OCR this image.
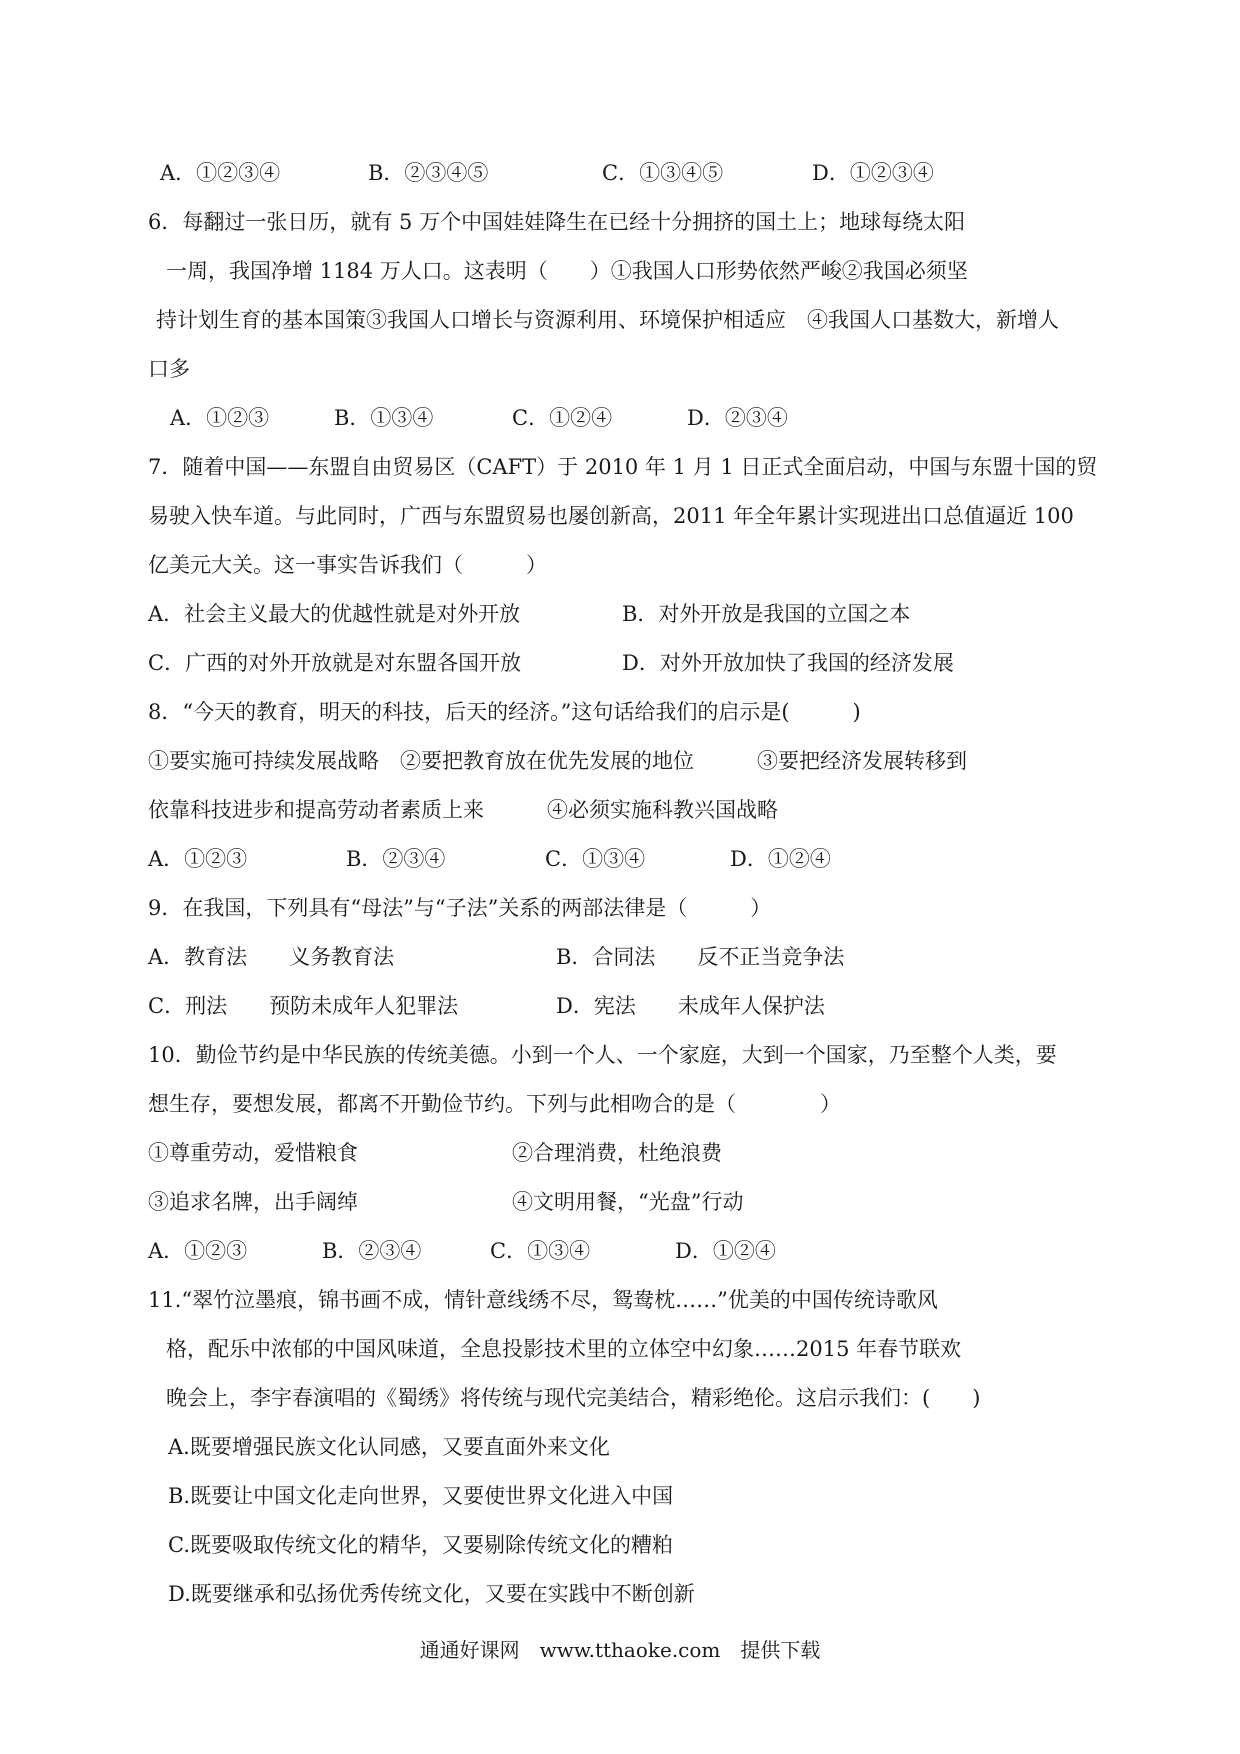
A．①②③④	B．②③④⑤	C．①③④⑤	D．①②③④
6．每翻过一张日历，就有 5 万个中国娃娃降生在已经十分拥挤的国土上；地球每绕太阳
一周，我国净增 1184 万人口。这表明（　　）①我国人口形势依然严峻②我国必须坚
持计划生育的基本国策③我国人口增长与资源利用、环境保护相适应　④我国人口基数大，新增人
口多
A．①②③	B．①③④	C．①②④	D．②③④
7．随着中国——东盟自由贸易区（CAFT）于 2010 年 1 月 1 日正式全面启动，中国与东盟十国的贸
易驶入快车道。与此同时，广西与东盟贸易也屡创新高，2011 年全年累计实现进出口总值逼近 100
亿美元大关。这一事实告诉我们（　　　）
A．社会主义最大的优越性就是对外开放	B．对外开放是我国的立国之本
C．广西的对外开放就是对东盟各国开放	D．对外开放加快了我国的经济发展
8．“今天的教育，明天的科技，后天的经济。”这句话给我们的启示是(　　　)
①要实施可持续发展战略　②要把教育放在优先发展的地位　　　③要把经济发展转移到
依靠科技进步和提高劳动者素质上来　　　④必须实施科教兴国战略
A．①②③	B．②③④	C．①③④	D．①②④
9．在我国，下列具有“母法”与“子法”关系的两部法律是（　　　）
A．教育法　　义务教育法	B．合同法　　反不正当竞争法
C．刑法　　预防未成年人犯罪法	D．宪法　　未成年人保护法
10．勤俭节约是中华民族的传统美德。小到一个人、一个家庭，大到一个国家，乃至整个人类，要
想生存，要想发展，都离不开勤俭节约。下列与此相吻合的是（　　　　）
①尊重劳动，爱惜粮食	②合理消费，杜绝浪费
③追求名牌，出手阔绰	④文明用餐，“光盘”行动
A．①②③	B．②③④	C．①③④	D．①②④
11.“翠竹泣墨痕，锦书画不成，情针意线绣不尽，鸳鸯枕……”优美的中国传统诗歌风
格，配乐中浓郁的中国风味道，全息投影技术里的立体空中幻象……2015 年春节联欢
晚会上，李宇春演唱的《蜀绣》将传统与现代完美结合，精彩绝伦。这启示我们：(　　)
A.既要增强民族文化认同感，又要直面外来文化
B.既要让中国文化走向世界，又要使世界文化进入中国
C.既要吸取传统文化的精华，又要剔除传统文化的糟粕
D.既要继承和弘扬优秀传统文化，又要在实践中不断创新
通通好课网　www.tthaoke.com　提供下载
